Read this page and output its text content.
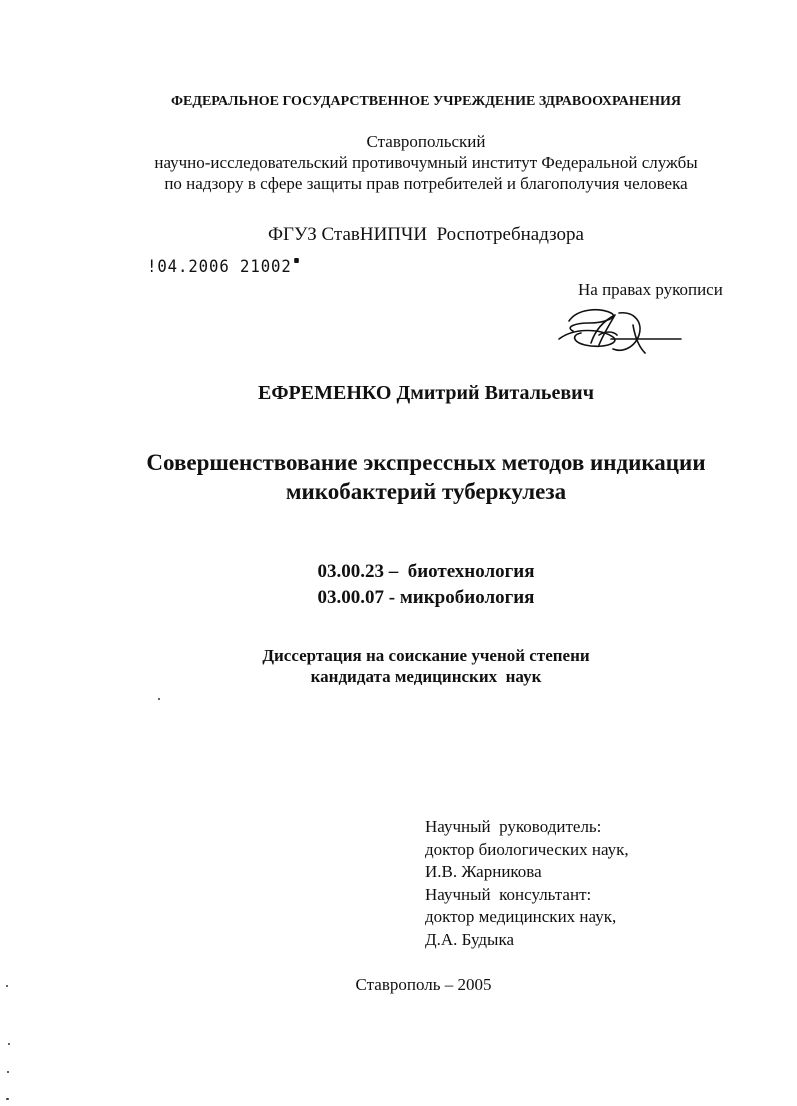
ФЕДЕРАЛЬНОЕ ГОСУДАРСТВЕННОЕ УЧРЕЖДЕНИЕ ЗДРАВООХРАНЕНИЯ
Ставропольский
научно-исследовательский противочумный институт Федеральной службы
по надзору в сфере защиты прав потребителей и благополучия человека
ФГУЗ СтавНИПЧИ  Роспотребнадзора
!04.2006 21002
На правах рукописи
ЕФРЕМЕНКО Дмитрий Витальевич
Совершенствование экспрессных методов индикации
микобактерий туберкулеза
03.00.23 –  биотехнология
03.00.07 - микробиология
Диссертация на соискание ученой степени
кандидата медицинских  наук
Научный  руководитель:
доктор биологических наук,
И.В. Жарникова
Научный  консультант:
доктор медицинских наук,
Д.А. Будыка
Ставрополь – 2005
